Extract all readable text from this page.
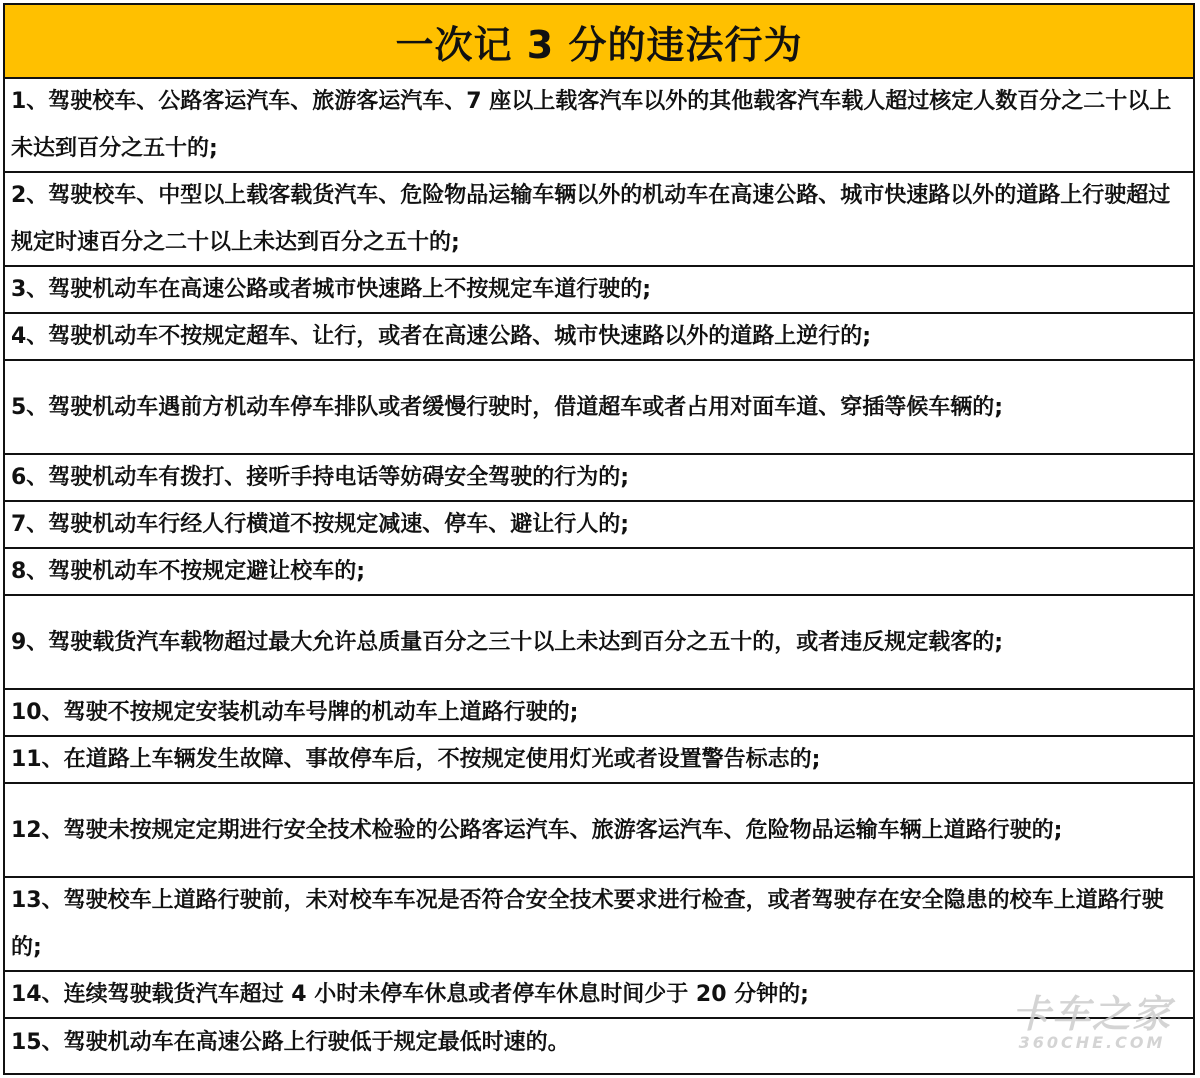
一次记 3 分的违法行为
1、驾驶校车、公路客运汽车、旅游客运汽车、7 座以上载客汽车以外的其他载客汽车载人超过核定人数百分之二十以上未达到百分之五十的;
2、驾驶校车、中型以上载客载货汽车、危险物品运输车辆以外的机动车在高速公路、城市快速路以外的道路上行驶超过规定时速百分之二十以上未达到百分之五十的;
3、驾驶机动车在高速公路或者城市快速路上不按规定车道行驶的;
4、驾驶机动车不按规定超车、让行，或者在高速公路、城市快速路以外的道路上逆行的;
5、驾驶机动车遇前方机动车停车排队或者缓慢行驶时，借道超车或者占用对面车道、穿插等候车辆的;
6、驾驶机动车有拨打、接听手持电话等妨碍安全驾驶的行为的;
7、驾驶机动车行经人行横道不按规定减速、停车、避让行人的;
8、驾驶机动车不按规定避让校车的;
9、驾驶载货汽车载物超过最大允许总质量百分之三十以上未达到百分之五十的，或者违反规定载客的;
10、驾驶不按规定安装机动车号牌的机动车上道路行驶的;
11、在道路上车辆发生故障、事故停车后，不按规定使用灯光或者设置警告标志的;
12、驾驶未按规定定期进行安全技术检验的公路客运汽车、旅游客运汽车、危险物品运输车辆上道路行驶的;
13、驾驶校车上道路行驶前，未对校车车况是否符合安全技术要求进行检查，或者驾驶存在安全隐患的校车上道路行驶的;
14、连续驾驶载货汽车超过 4 小时未停车休息或者停车休息时间少于 20 分钟的;
15、驾驶机动车在高速公路上行驶低于规定最低时速的。
卡车之家
360CHE.COM
